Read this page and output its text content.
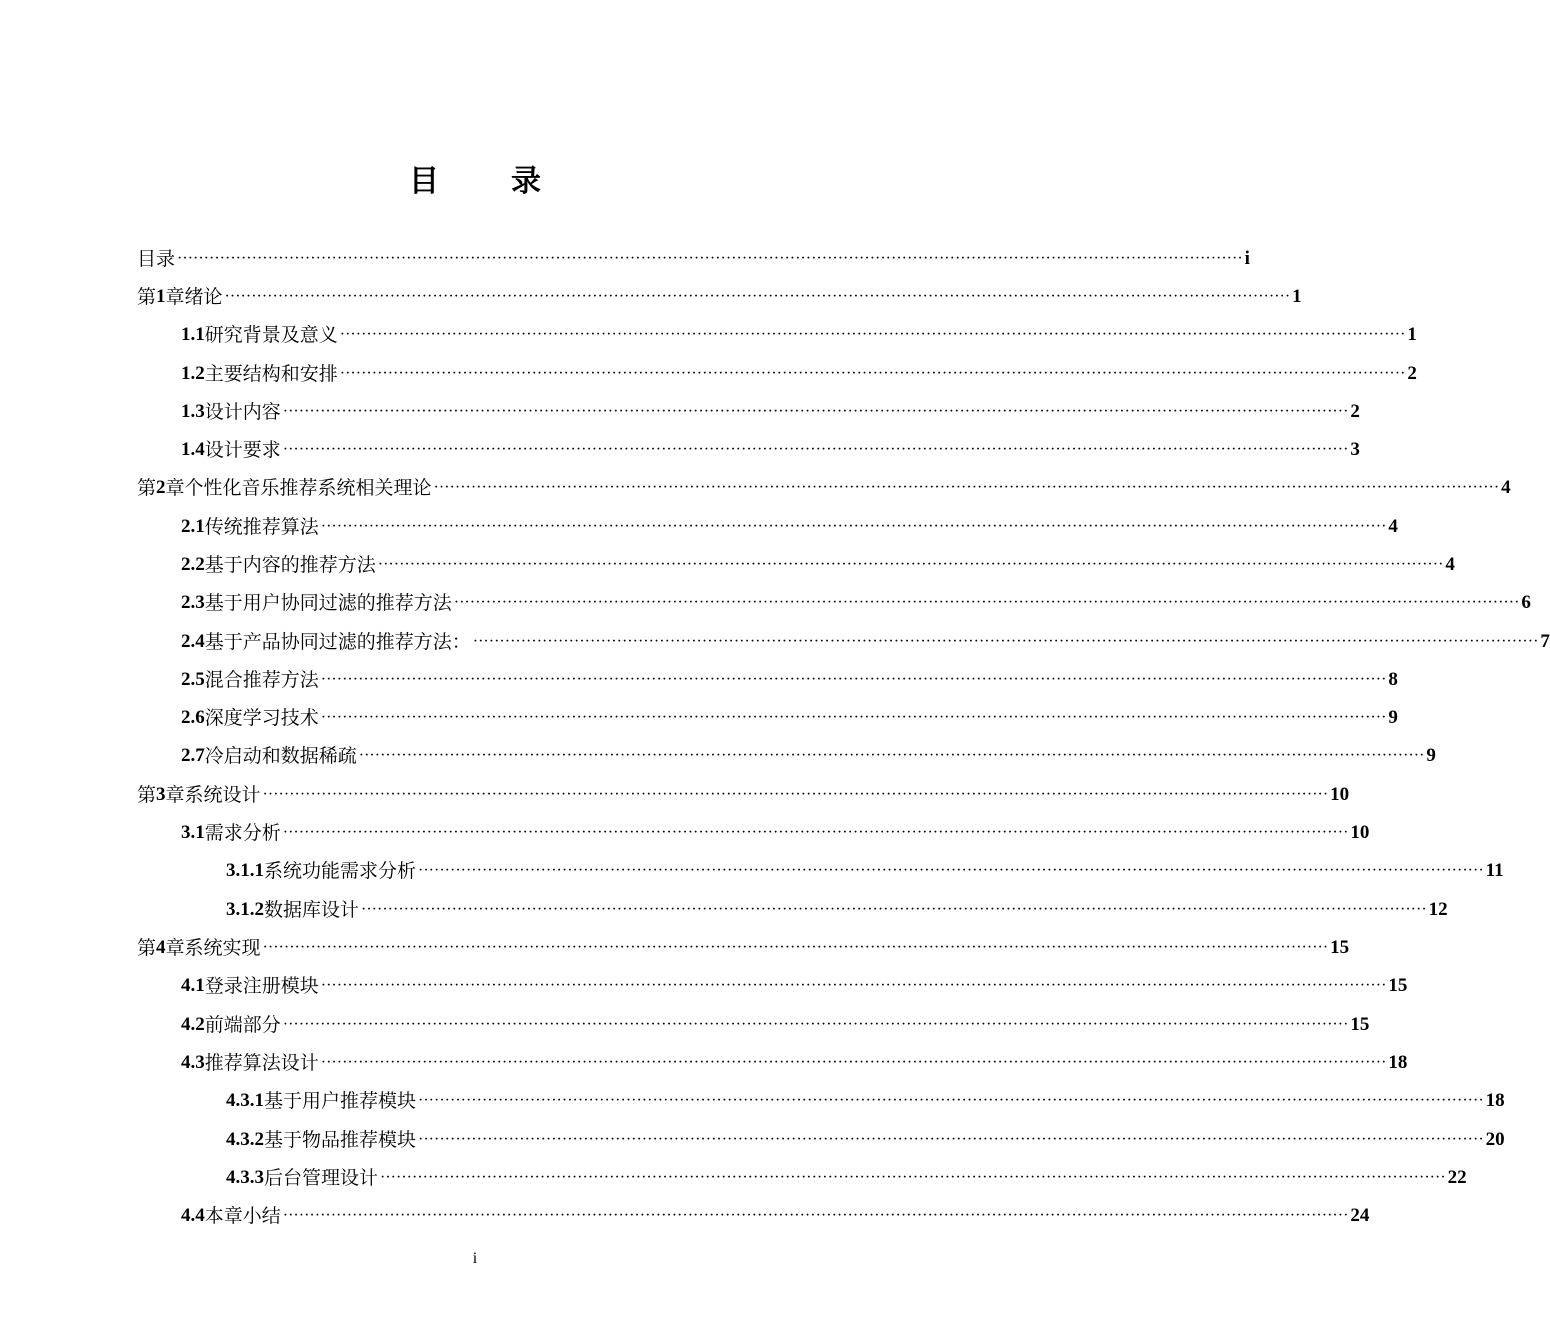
目 录
目 录 ········································································································································································································ i
第 1 章 绪论 ········································································································································································································ 1
1.1 研究背景及意义 ········································································································································································································ 1
1.2 主要结构和安排 ········································································································································································································ 2
1.3 设计内容 ········································································································································································································ 2
1.4 设计要求 ········································································································································································································ 3
第 2 章 个性化音乐推荐系统相关理论 ········································································································································································································ 4
2.1 传统推荐算法 ········································································································································································································ 4
2.2 基于内容的推荐方法 ········································································································································································································ 4
2.3 基于用户协同过滤的推荐方法 ········································································································································································································ 6
2.4 基于产品协同过滤的推荐方法： ········································································································································································································ 7
2.5 混合推荐方法 ········································································································································································································ 8
2.6 深度学习技术 ········································································································································································································ 9
2.7 冷启动和数据稀疏 ········································································································································································································ 9
第 3 章 系统设计 ········································································································································································································ 10
3.1 需求分析 ········································································································································································································ 10
3.1.1 系统功能需求分析 ········································································································································································································ 11
3.1.2 数据库设计 ········································································································································································································ 12
第 4 章 系统实现 ········································································································································································································ 15
4.1 登录注册模块 ········································································································································································································ 15
4.2 前端部分 ········································································································································································································ 15
4.3 推荐算法设计 ········································································································································································································ 18
4.3.1 基于用户推荐模块 ········································································································································································································ 18
4.3.2 基于物品推荐模块 ········································································································································································································ 20
4.3.3 后台管理设计 ········································································································································································································ 22
4.4 本章小结 ········································································································································································································ 24
i
